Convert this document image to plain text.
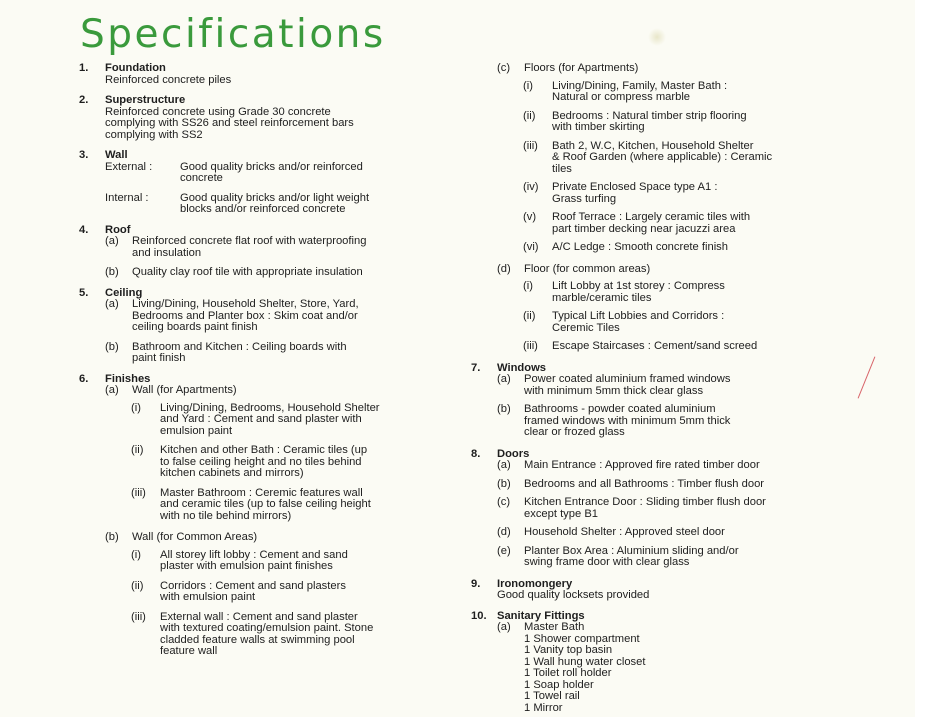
Specifications
1.	Foundation
Reinforced concrete piles
2.	Superstructure
Reinforced concrete using Grade 30 concrete
complying with SS26 and steel reinforcement bars
complying with SS2
3.	Wall
External :	Good quality bricks and/or reinforced
concrete
Internal :	Good quality bricks and/or light weight
blocks and/or reinforced concrete
4.	Roof
(a)	Reinforced concrete flat roof with waterproofing
and insulation
(b)	Quality clay roof tile with appropriate insulation
5.	Ceiling
(a)	Living/Dining, Household Shelter, Store, Yard,
Bedrooms and Planter box : Skim coat and/or
ceiling boards paint finish
(b)	Bathroom and Kitchen : Ceiling boards with
paint finish
6.	Finishes
(a)	Wall (for Apartments)
(i)	Living/Dining, Bedrooms, Household Shelter
and Yard : Cement and sand plaster with
emulsion paint
(ii)	Kitchen and other Bath : Ceramic tiles (up
to false ceiling height and no tiles behind
kitchen cabinets and mirrors)
(iii)	Master Bathroom : Ceremic features wall
and ceramic tiles (up to false ceiling height
with no tile behind mirrors)
(b)	Wall (for Common Areas)
(i)	All storey lift lobby : Cement and sand
plaster with emulsion paint finishes
(ii)	Corridors : Cement and sand plasters
with emulsion paint
(iii)	External wall : Cement and sand plaster
with textured coating/emulsion paint. Stone
cladded feature walls at swimming pool
feature wall
(c)	Floors (for Apartments)
(i)	Living/Dining, Family, Master Bath :
Natural or compress marble
(ii)	Bedrooms : Natural timber strip flooring
with timber skirting
(iii)	Bath 2, W.C, Kitchen, Household Shelter
& Roof Garden (where applicable) : Ceramic
tiles
(iv)	Private Enclosed Space type A1 :
Grass turfing
(v)	Roof Terrace : Largely ceramic tiles with
part timber decking near jacuzzi area
(vi)	A/C Ledge : Smooth concrete finish
(d)	Floor (for common areas)
(i)	Lift Lobby at 1st storey : Compress
marble/ceramic tiles
(ii)	Typical Lift Lobbies and Corridors :
Ceremic Tiles
(iii)	Escape Staircases : Cement/sand screed
7.	Windows
(a)	Power coated aluminium framed windows
with minimum 5mm thick clear glass
(b)	Bathrooms - powder coated aluminium
framed windows with minimum 5mm thick
clear or frozed glass
8.	Doors
(a)	Main Entrance : Approved fire rated timber door
(b)	Bedrooms and all Bathrooms : Timber flush door
(c)	Kitchen Entrance Door : Sliding timber flush door
except type B1
(d)	Household Shelter : Approved steel door
(e)	Planter Box Area : Aluminium sliding and/or
swing frame door with clear glass
9.	Ironomongery
Good quality locksets provided
10. Sanitary Fittings
(a)	Master Bath
1 Shower compartment
1 Vanity top basin
1 Wall hung water closet
1 Toilet roll holder
1 Soap holder
1 Towel rail
1 Mirror
